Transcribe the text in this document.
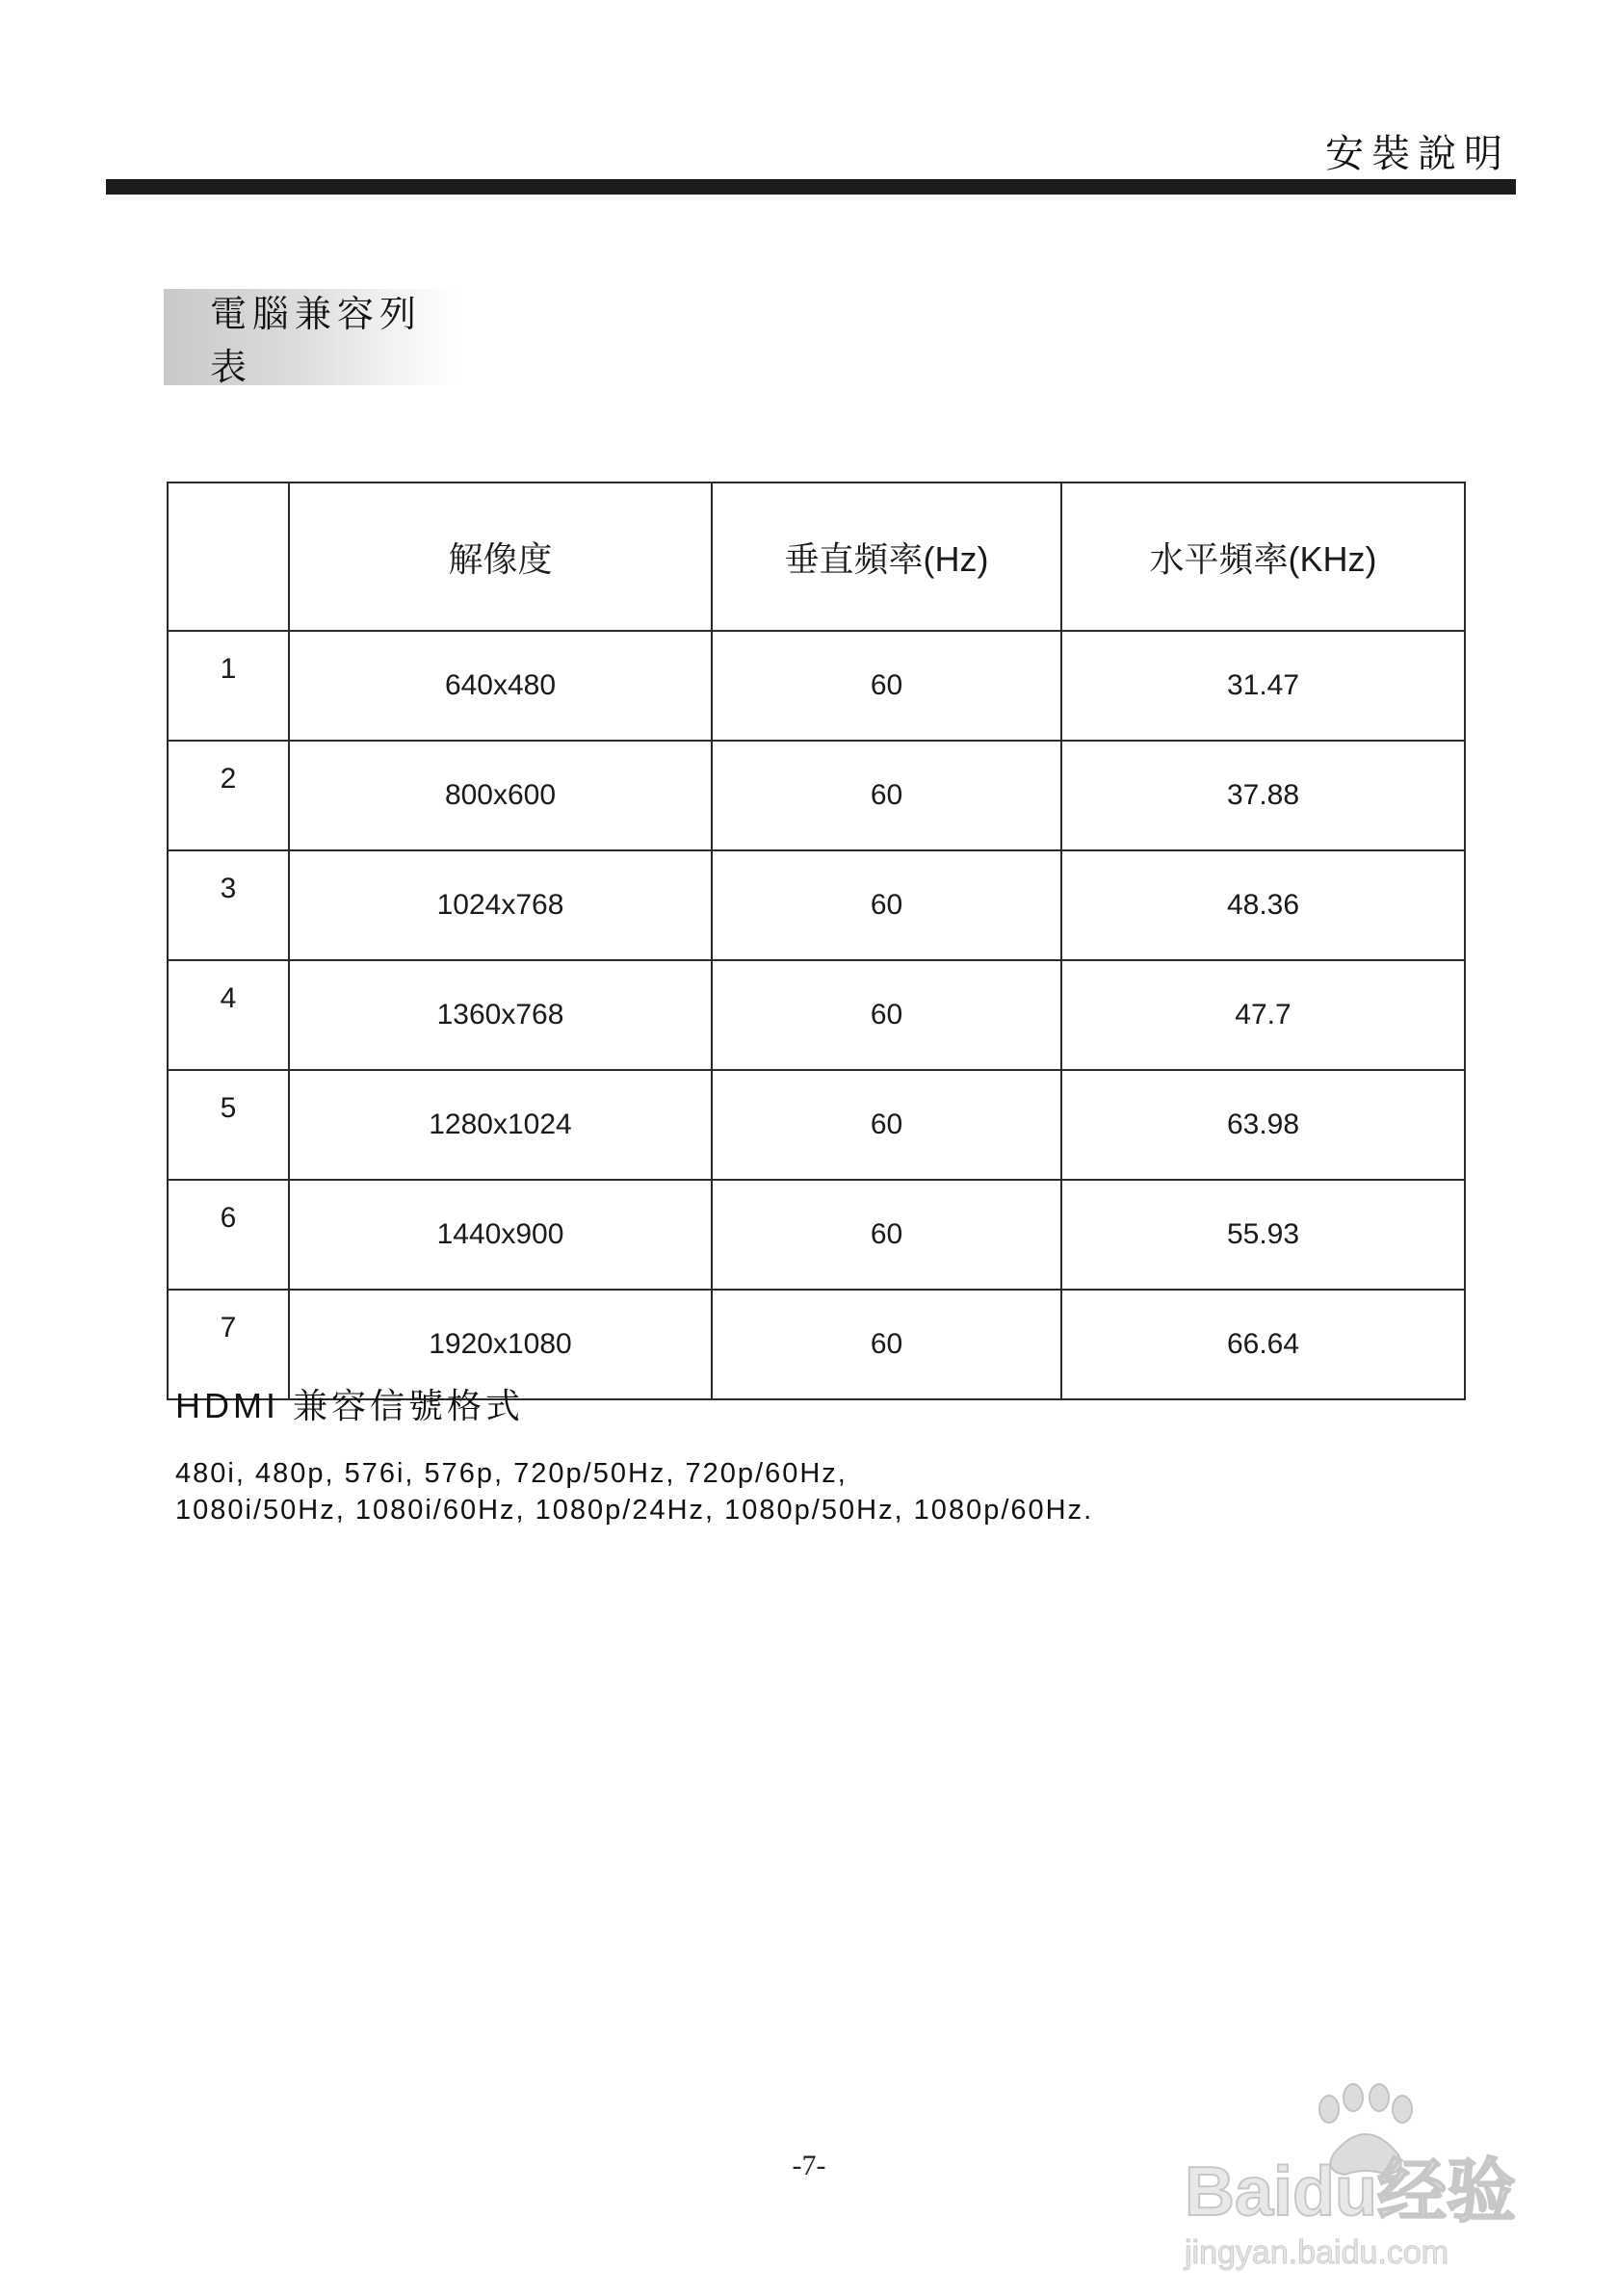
安裝說明
電腦兼容列表
	解像度	垂直頻率(Hz)	水平頻率(KHz)
1	640x480	60	31.47
2	800x600	60	37.88
3	1024x768	60	48.36
4	1360x768	60	47.7
5	1280x1024	60	63.98
6	1440x900	60	55.93
7	1920x1080	60	66.64
HDMI 兼容信號格式
480i, 480p, 576i, 576p, 720p/50Hz, 720p/60Hz,
1080i/50Hz, 1080i/60Hz, 1080p/24Hz, 1080p/50Hz, 1080p/60Hz.
-7-	Baidu经验
jingyan.baidu.com
